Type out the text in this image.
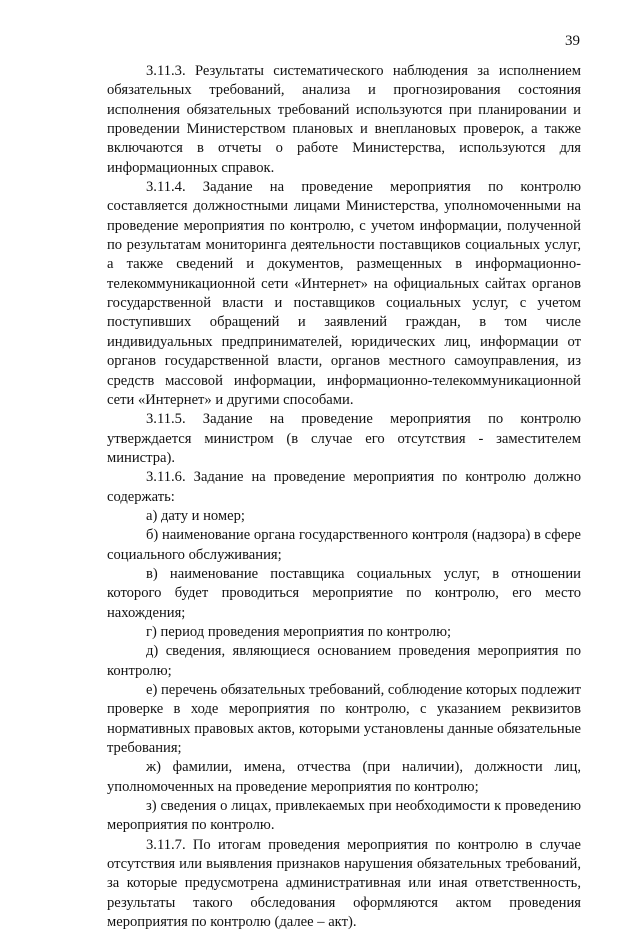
39

3.11.3. Результаты систематического наблюдения за исполнением обязательных требований, анализа и прогнозирования состояния исполнения обязательных требований используются при планировании и проведении Министерством плановых и внеплановых проверок, а также включаются в отчеты о работе Министерства, используются для информационных справок.

3.11.4. Задание на проведение мероприятия по контролю составляется должностными лицами Министерства, уполномоченными на проведение мероприятия по контролю, с учетом информации, полученной по результатам мониторинга деятельности поставщиков социальных услуг, а также сведений и документов, размещенных в информационно-телекоммуникационной сети «Интернет» на официальных сайтах органов государственной власти и поставщиков социальных услуг, с учетом поступивших обращений и заявлений граждан, в том числе индивидуальных предпринимателей, юридических лиц, информации от органов государственной власти, органов местного самоуправления, из средств массовой информации, информационно-телекоммуникационной сети «Интернет» и другими способами.

3.11.5. Задание на проведение мероприятия по контролю утверждается министром (в случае его отсутствия - заместителем министра).

3.11.6. Задание на проведение мероприятия по контролю должно содержать:

а) дату и номер;

б) наименование органа государственного контроля (надзора) в сфере социального обслуживания;

в) наименование поставщика социальных услуг, в отношении которого будет проводиться мероприятие по контролю, его место нахождения;

г) период проведения мероприятия по контролю;

д) сведения, являющиеся основанием проведения мероприятия по контролю;

е) перечень обязательных требований, соблюдение которых подлежит проверке в ходе мероприятия по контролю, с указанием реквизитов нормативных правовых актов, которыми установлены данные обязательные требования;

ж) фамилии, имена, отчества (при наличии), должности лиц, уполномоченных на проведение мероприятия по контролю;

з) сведения о лицах, привлекаемых при необходимости к проведению мероприятия по контролю.

3.11.7. По итогам проведения мероприятия по контролю в случае отсутствия или выявления признаков нарушения обязательных требований, за которые предусмотрена административная или иная ответственность, результаты такого обследования оформляются актом проведения мероприятия по контролю (далее – акт).
